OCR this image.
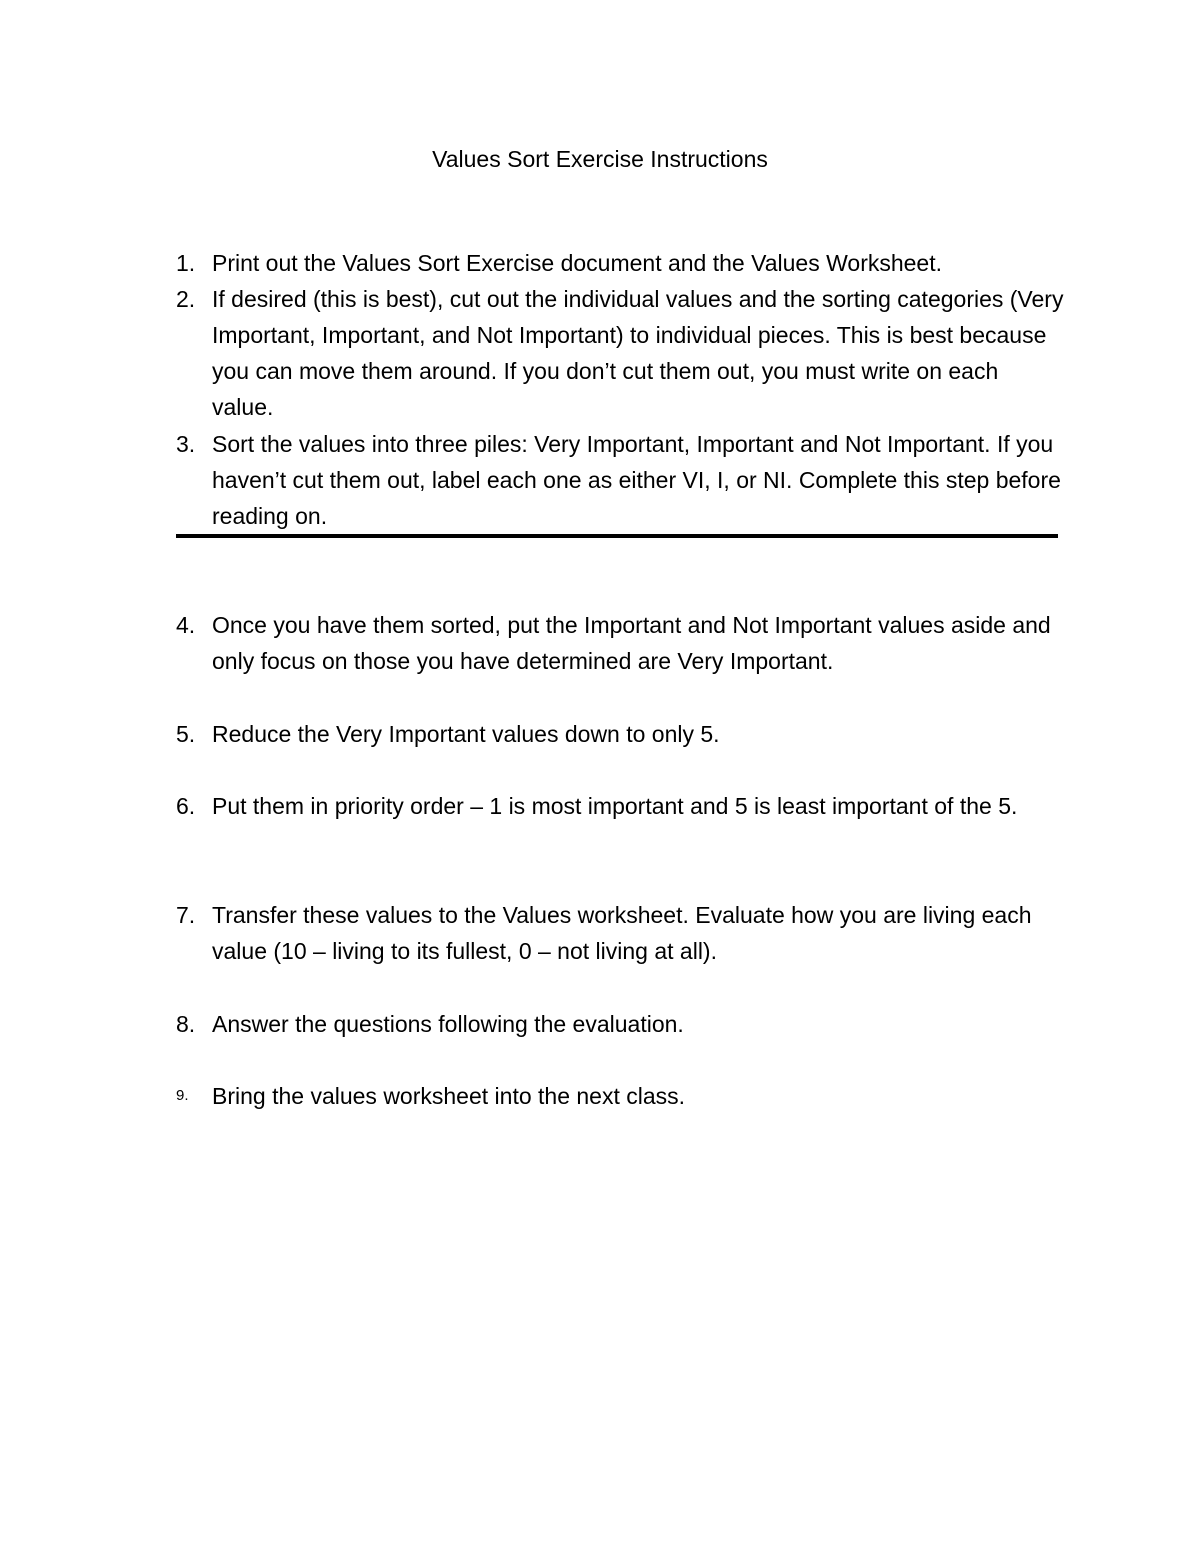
Values Sort Exercise Instructions
1. Print out the Values Sort Exercise document and the Values Worksheet.
2. If desired (this is best), cut out the individual values and the sorting categories (Very Important, Important, and Not Important) to individual pieces. This is best because you can move them around. If you don’t cut them out, you must write on each value.
3. Sort the values into three piles: Very Important, Important and Not Important. If you haven’t cut them out, label each one as either VI, I, or NI. Complete this step before reading on.
4. Once you have them sorted, put the Important and Not Important values aside and only focus on those you have determined are Very Important.
5. Reduce the Very Important values down to only 5.
6. Put them in priority order – 1 is most important and 5 is least important of the 5.
7. Transfer these values to the Values worksheet. Evaluate how you are living each value (10 – living to its fullest, 0 – not living at all).
8. Answer the questions following the evaluation.
9.	Bring the values worksheet into the next class.
